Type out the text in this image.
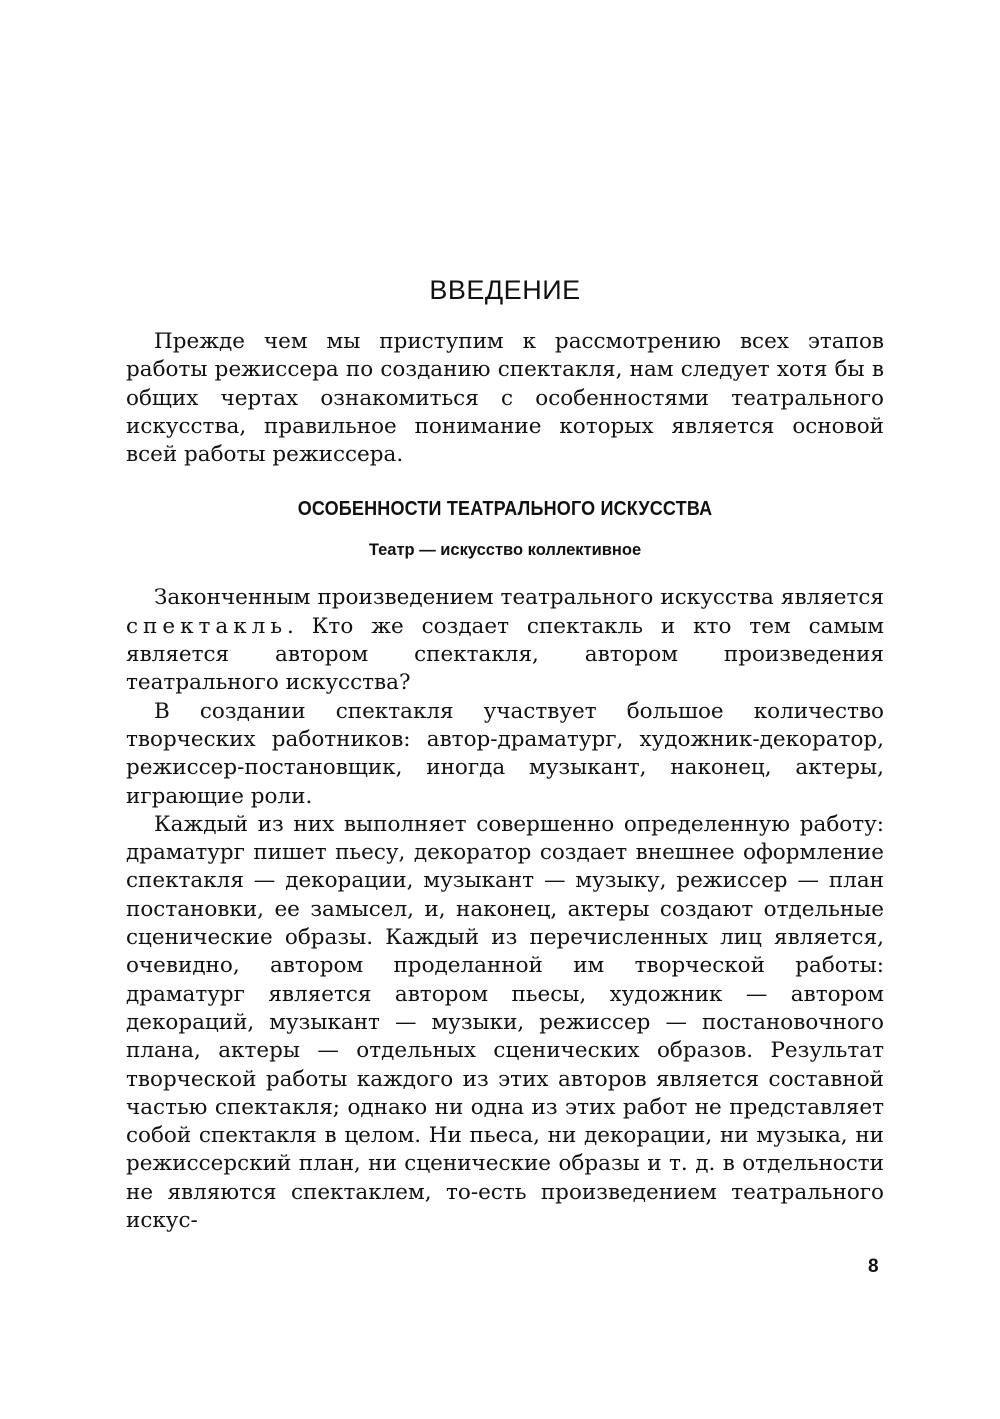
ВВЕДЕНИЕ

Прежде чем мы приступим к рассмотрению всех этапов работы режиссера по созданию спектакля, нам следует хотя бы в общих чертах ознакомиться с особенностями театрального искусства, правильное понимание которых является основой всей работы режиссера.

ОСОБЕННОСТИ ТЕАТРАЛЬНОГО ИСКУССТВА
Театр — искусство коллективное

Законченным произведением театрального искусства является спектакль. Кто же создает спектакль и кто тем самым является автором спектакля, автором произведения театрального искусства?

В создании спектакля участвует большое количество творческих работников: автор-драматург, художник-декоратор, режиссер-постановщик, иногда музыкант, наконец, актеры, играющие роли.

Каждый из них выполняет совершенно определенную работу: драматург пишет пьесу, декоратор создает внешнее оформление спектакля — декорации, музыкант — музыку, режиссер — план постановки, ее замысел, и, наконец, актеры создают отдельные сценические образы. Каждый из перечисленных лиц является, очевидно, автором проделанной им творческой работы: драматург является автором пьесы, художник — автором декораций, музыкант — музыки, режиссер — постановочного плана, актеры — отдельных сценических образов. Результат творческой работы каждого из этих авторов является составной частью спектакля; однако ни одна из этих работ не представляет собой спектакля в целом. Ни пьеса, ни декорации, ни музыка, ни режиссерский план, ни сценические образы и т. д. в отдельности не являются спектаклем, то-есть произведением театрального искус-

8
